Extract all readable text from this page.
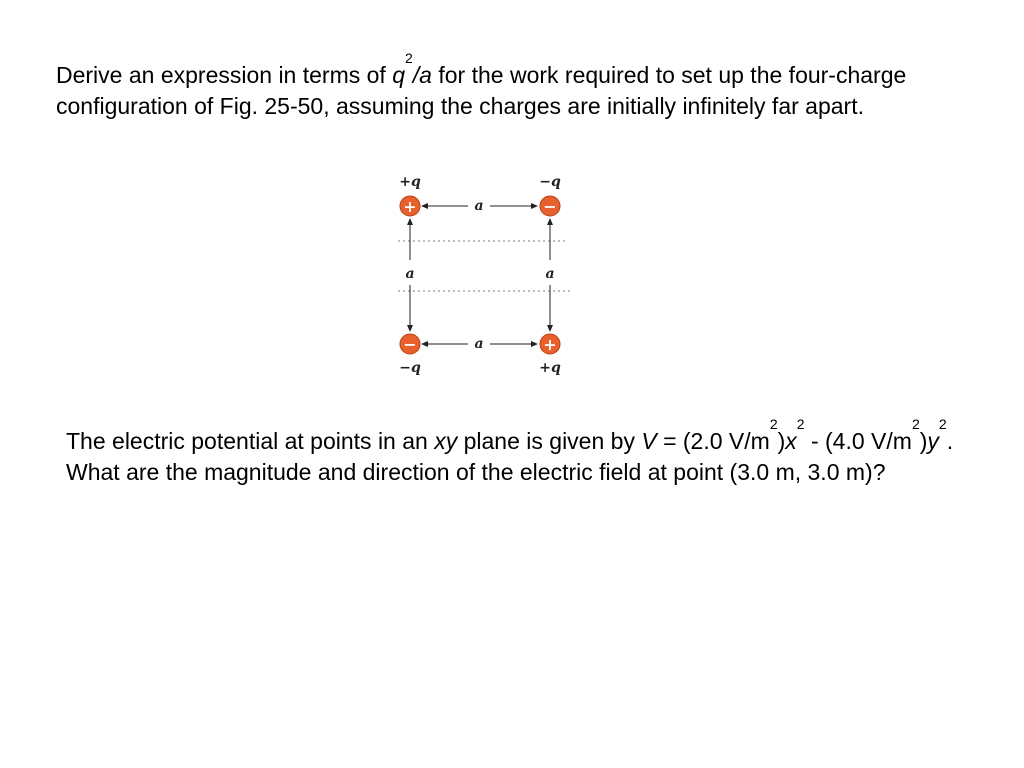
Derive an expression in terms of $q^2/a$ for the work required to set up the four-charge configuration of Fig. 25-50, assuming the charges are initially infinitely far apart.

a
a
a	a
+q	−q
−q	+q
+	−
−	+

The electric potential at points in an xy plane is given by V = (2.0 $V/m^2)x^2 - (4.0$ $V/m^2)y^2$. What are the magnitude and direction of the electric field at point (3.0 m, 3.0 m)?
